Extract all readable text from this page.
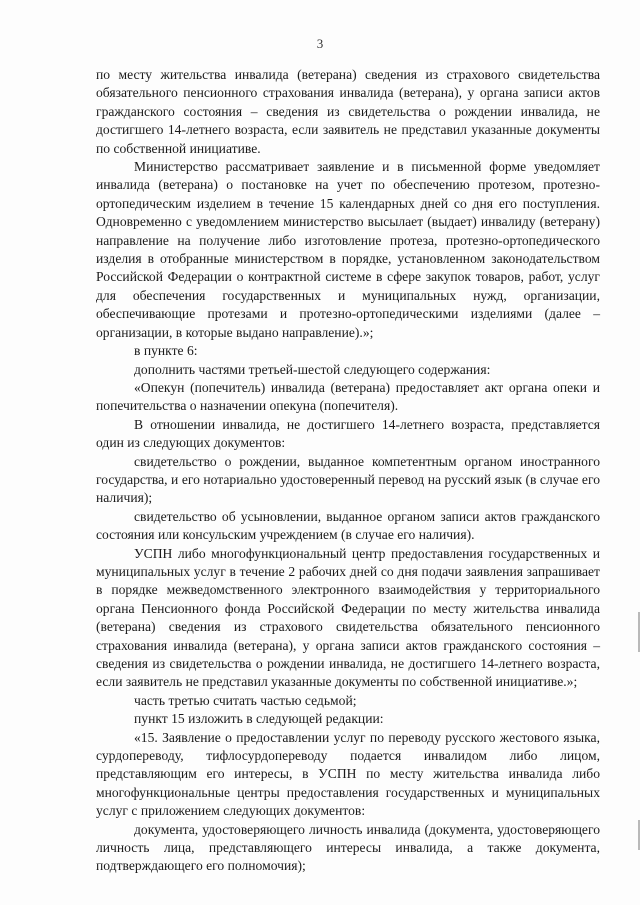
3

по месту жительства инвалида (ветерана) сведения из страхового свидетельства обязательного пенсионного страхования инвалида (ветерана), у органа записи актов гражданского состояния – сведения из свидетельства о рождении инвалида, не достигшего 14-летнего возраста, если заявитель не представил указанные документы по собственной инициативе.

Министерство рассматривает заявление и в письменной форме уведомляет инвалида (ветерана) о постановке на учет по обеспечению протезом, протезно-ортопедическим изделием в течение 15 календарных дней со дня его поступления. Одновременно с уведомлением министерство высылает (выдает) инвалиду (ветерану) направление на получение либо изготовление протеза, протезно-ортопедического изделия в отобранные министерством в порядке, установленном законодательством Российской Федерации о контрактной системе в сфере закупок товаров, работ, услуг для обеспечения государственных и муниципальных нужд, организации, обеспечивающие протезами и протезно-ортопедическими изделиями (далее – организации, в которые выдано направление).»;

в пункте 6:

дополнить частями третьей-шестой следующего содержания:

«Опекун (попечитель) инвалида (ветерана) предоставляет акт органа опеки и попечительства о назначении опекуна (попечителя).

В отношении инвалида, не достигшего 14-летнего возраста, представляется один из следующих документов:

свидетельство о рождении, выданное компетентным органом иностранного государства, и его нотариально удостоверенный перевод на русский язык (в случае его наличия);

свидетельство об усыновлении, выданное органом записи актов гражданского состояния или консульским учреждением (в случае его наличия).

УСПН либо многофункциональный центр предоставления государственных и муниципальных услуг в течение 2 рабочих дней со дня подачи заявления запрашивает в порядке межведомственного электронного взаимодействия у территориального органа Пенсионного фонда Российской Федерации по месту жительства инвалида (ветерана) сведения из страхового свидетельства обязательного пенсионного страхования инвалида (ветерана), у органа записи актов гражданского состояния – сведения из свидетельства о рождении инвалида, не достигшего 14-летнего возраста, если заявитель не представил указанные документы по собственной инициативе.»;

часть третью считать частью седьмой;

пункт 15 изложить в следующей редакции:

«15. Заявление о предоставлении услуг по переводу русского жестового языка, сурдопереводу, тифлосурдопереводу подается инвалидом либо лицом, представляющим его интересы, в УСПН по месту жительства инвалида либо многофункциональные центры предоставления государственных и муниципальных услуг с приложением следующих документов:

документа, удостоверяющего личность инвалида (документа, удостоверяющего личность лица, представляющего интересы инвалида, а также документа, подтверждающего его полномочия);
